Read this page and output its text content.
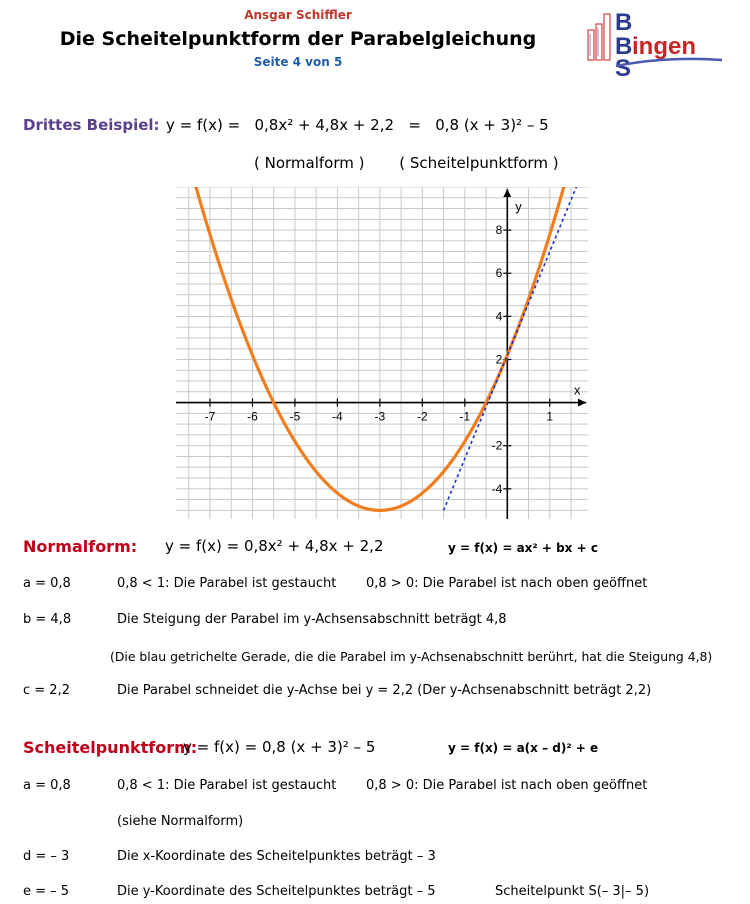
Ansgar Schiffler
Die Scheitelpunktform der Parabelgleichung
Seite 4 von 5
B
B
S
ingen
Drittes Beispiel: y = f(x) =   0,8x² + 4,8x + 2,2   =   0,8 (x + 3)² – 5
( Normalform ) ( Scheitelpunktform )
x
y
-7	-6	-5	-4	-3	-2	-1	1
8
6
4
2
-2
-4
Normalform: y = f(x) = 0,8x² + 4,8x + 2,2	y = f(x) = ax² + bx + c
a = 0,8	0,8 < 1: Die Parabel ist gestaucht 0,8 > 0: Die Parabel ist nach oben geöffnet
b = 4,8	Die Steigung der Parabel im y-Achsensabschnitt beträgt 4,8
(Die blau getrichelte Gerade, die die Parabel im y-Achsenabschnitt berührt, hat die Steigung 4,8)
c = 2,2	Die Parabel schneidet die y-Achse bei y = 2,2 (Der y-Achsenabschnitt beträgt 2,2)
Scheitelpunktform:
y = f(x) = 0,8 (x + 3)² – 5	y = f(x) = a(x – d)² + e
a = 0,8	0,8 < 1: Die Parabel ist gestaucht 0,8 > 0: Die Parabel ist nach oben geöffnet
(siehe Normalform)
d = – 3	Die x-Koordinate des Scheitelpunktes beträgt – 3
e = – 5	Die y-Koordinate des Scheitelpunktes beträgt – 5	Scheitelpunkt S(– 3|– 5)
